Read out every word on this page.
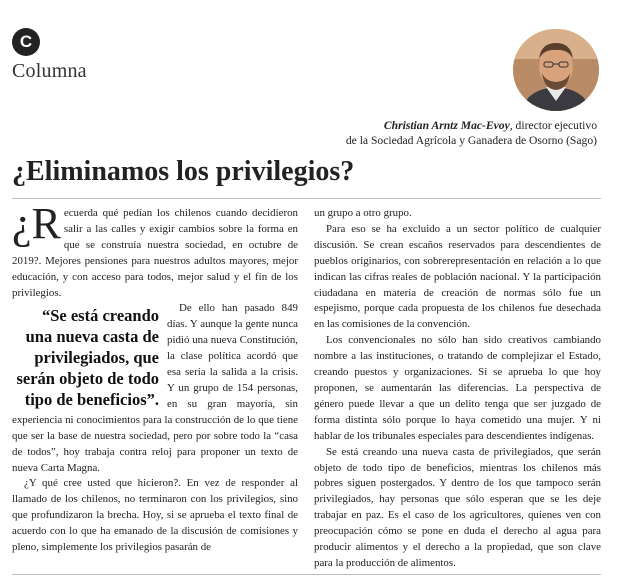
C
Columna
Christian Arntz Mac-Evoy, director ejecutivo
de la Sociedad Agrícola y Ganadera de Osorno (Sago)
¿Eliminamos los privilegios?

¿R ecuerda qué pedían los chilenos cuando decidieron salir a las calles y exigir cambios sobre la forma en que se construía nuestra sociedad, en octubre de 2019?. Mejores pensiones para nuestros adultos mayores, mejor educación, y con acceso para todos, mejor salud y el fin de los privilegios.

“Se está creando una nueva casta de privilegiados, que serán objeto de todo tipo de beneficios”.
De ello han pasado 849 días. Y aunque la gente nunca pidió una nueva Constitución, la clase política acordó que esa seria la salida a la crisis. Y un grupo de 154 personas, en su gran mayoría, sin experiencia ni conocimientos para la construcción de lo que tiene que ser la base de nuestra sociedad, pero por sobre todo la “casa de todos”, hoy trabaja contra reloj para proponer un texto de nueva Carta Magna.

¿Y qué cree usted que hicieron?. En vez de responder al llamado de los chilenos, no terminaron con los privilegios, sino que profundizaron la brecha. Hoy, si se aprueba el texto final de acuerdo con lo que ha emanado de la discusión de comisiones y pleno, simplemente los privilegios pasarán de

un grupo a otro grupo.

Para eso se ha excluido a un sector político de cualquier discusión. Se crean escaños reservados para descendientes de pueblos originarios, con sobrerepresentación en relación a lo que indican las cifras reales de población nacional. Y la participación ciudadana en materia de creación de normas sólo fue un espejismo, porque cada propuesta de los chilenos fue desechada en las comisiones de la convención.

Los convencionales no sólo han sido creativos cambiando nombre a las instituciones, o tratando de complejizar el Estado, creando puestos y organizaciones. Si se aprueba lo que hoy proponen, se aumentarán las diferencias. La perspectiva de género puede llevar a que un delito tenga que ser juzgado de forma distinta sólo porque lo haya cometido una mujer. Y ni hablar de los tribunales especiales para descendientes indígenas.

Se está creando una nueva casta de privilegiados, que serán objeto de todo tipo de beneficios, mientras los chilenos más pobres siguen postergados. Y dentro de los que tampoco serán privilegiados, hay personas que sólo esperan que se les deje trabajar en paz. Es el caso de los agricultores, quienes ven con preocupación cómo se pone en duda el derecho al agua para producir alimentos y el derecho a la propiedad, que son clave para la producción de alimentos.
